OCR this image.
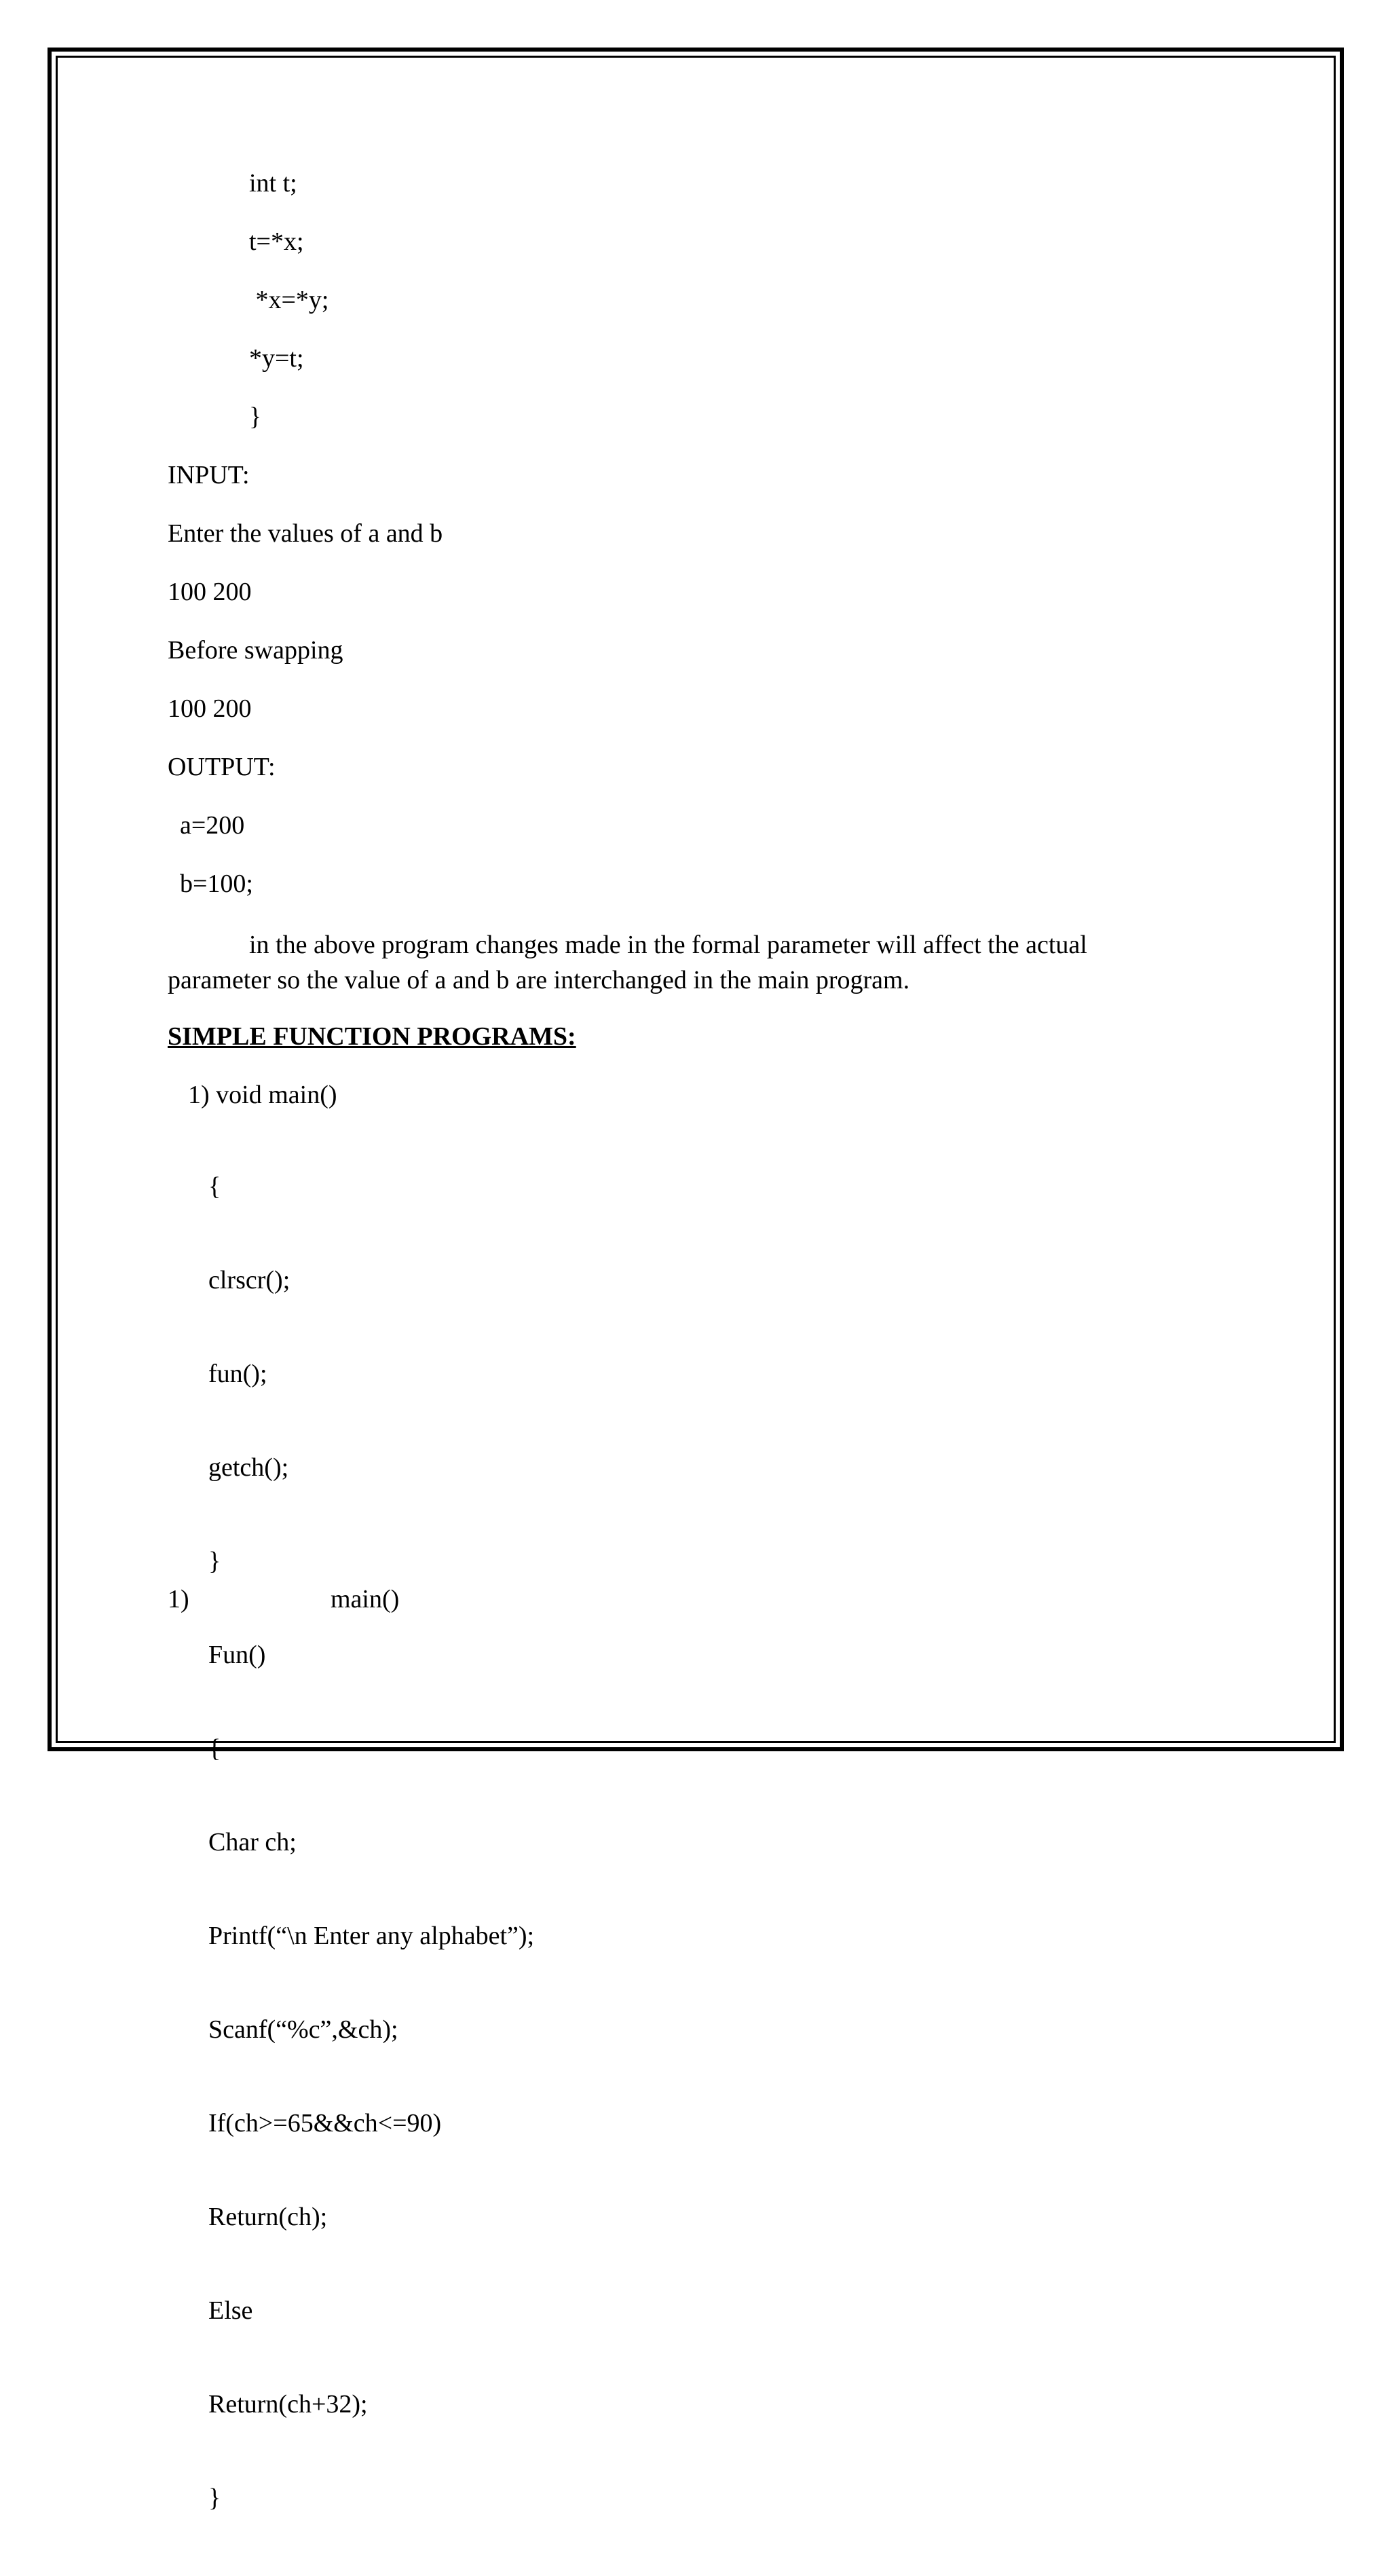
int t;
t=*x;
*x=*y;
*y=t;
}
INPUT:
Enter the values of a and b
100 200
Before swapping
100 200
OUTPUT:
a=200
b=100;
in the above program changes made in the formal parameter will affect the actual parameter so the value of a and b are interchanged in the main program.
SIMPLE FUNCTION PROGRAMS:
1) void main()

{

clrscr();

fun();

getch();

}

Fun()

{

Char ch;

Printf(“\n Enter any alphabet”);

Scanf(“%c”,&ch);

If(ch>=65&&ch<=90)

Return(ch);

Else

Return(ch+32);

}

1)	main()
